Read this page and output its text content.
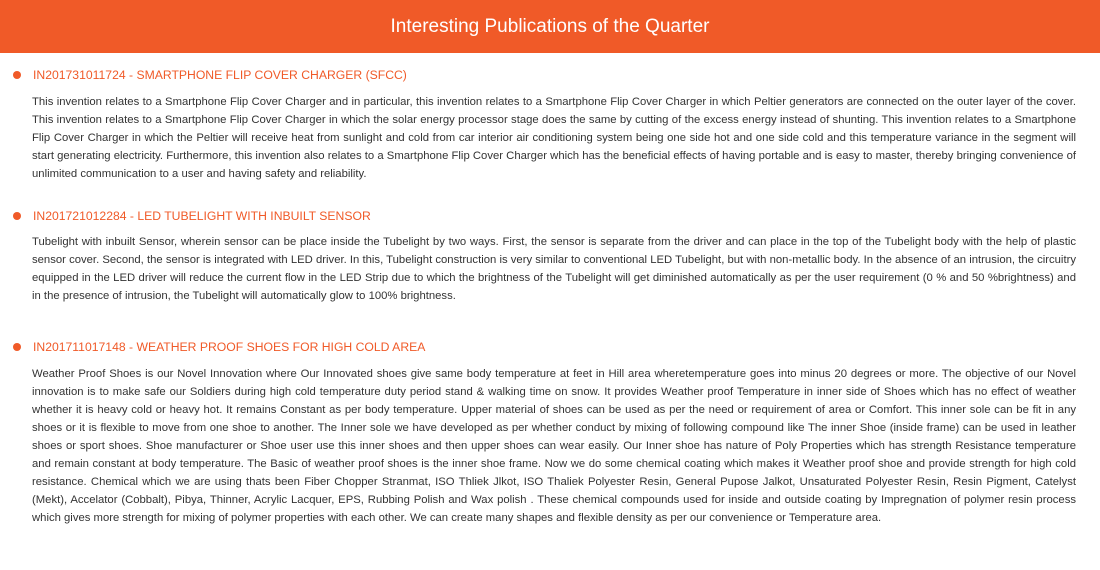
Interesting Publications of the Quarter
IN201731011724 - SMARTPHONE FLIP COVER CHARGER (SFCC)
This invention relates to a Smartphone Flip Cover Charger and in particular, this invention relates to a Smartphone Flip Cover Charger in which Peltier generators are connected on the outer layer of the cover. This invention relates to a Smartphone Flip Cover Charger in which the solar energy processor stage does the same by cutting of the excess energy instead of shunting. This invention relates to a Smartphone Flip Cover Charger in which the Peltier will receive heat from sunlight and cold from car interior air conditioning system being one side hot and one side cold and this temperature variance in the segment will start generating electricity. Furthermore, this invention also relates to a Smartphone Flip Cover Charger which has the beneficial effects of having portable and is easy to master, thereby bringing convenience of unlimited communication to a user and having safety and reliability.
IN201721012284 - LED TUBELIGHT WITH INBUILT SENSOR
Tubelight with inbuilt Sensor, wherein sensor can be place inside the Tubelight by two ways. First, the sensor is separate from the driver and can place in the top of the Tubelight body with the help of plastic sensor cover. Second, the sensor is integrated with LED driver. In this, Tubelight construction is very similar to conventional LED Tubelight, but with non-metallic body. In the absence of an intrusion, the circuitry equipped in the LED driver will reduce the current flow in the LED Strip due to which the brightness of the Tubelight will get diminished automatically as per the user requirement (0 % and 50 %brightness) and in the presence of intrusion, the Tubelight will automatically glow to 100% brightness.
IN201711017148 - WEATHER PROOF SHOES FOR HIGH COLD AREA
Weather Proof Shoes is our Novel Innovation where Our Innovated shoes give same body temperature at feet in Hill area wheretemperature goes into minus 20 degrees or more. The objective of our Novel innovation is to make safe our Soldiers during high cold temperature duty period stand & walking time on snow. It provides Weather proof Temperature in inner side of Shoes which has no effect of weather whether it is heavy cold or heavy hot. It remains Constant as per body temperature. Upper material of shoes can be used as per the need or requirement of area or Comfort. This inner sole can be fit in any shoes or it is flexible to move from one shoe to another. The Inner sole we have developed as per whether conduct by mixing of following compound like The inner Shoe (inside frame) can be used in leather shoes or sport shoes. Shoe manufacturer or Shoe user use this inner shoes and then upper shoes can wear easily. Our Inner shoe has nature of Poly Properties which has strength Resistance temperature and remain constant at body temperature. The Basic of weather proof shoes is the inner shoe frame. Now we do some chemical coating which makes it Weather proof shoe and provide strength for high cold resistance. Chemical which we are using thats been Fiber Chopper Stranmat, ISO Thliek Jlkot, ISO Thaliek Polyester Resin, General Pupose Jalkot, Unsaturated Polyester Resin, Resin Pigment, Catelyst (Mekt), Accelator (Cobbalt), Pibya, Thinner, Acrylic Lacquer, EPS, Rubbing Polish and Wax polish . These chemical compounds used for inside and outside coating by Impregnation of polymer resin process which gives more strength for mixing of polymer properties with each other. We can create many shapes and flexible density as per our convenience or Temperature area.
